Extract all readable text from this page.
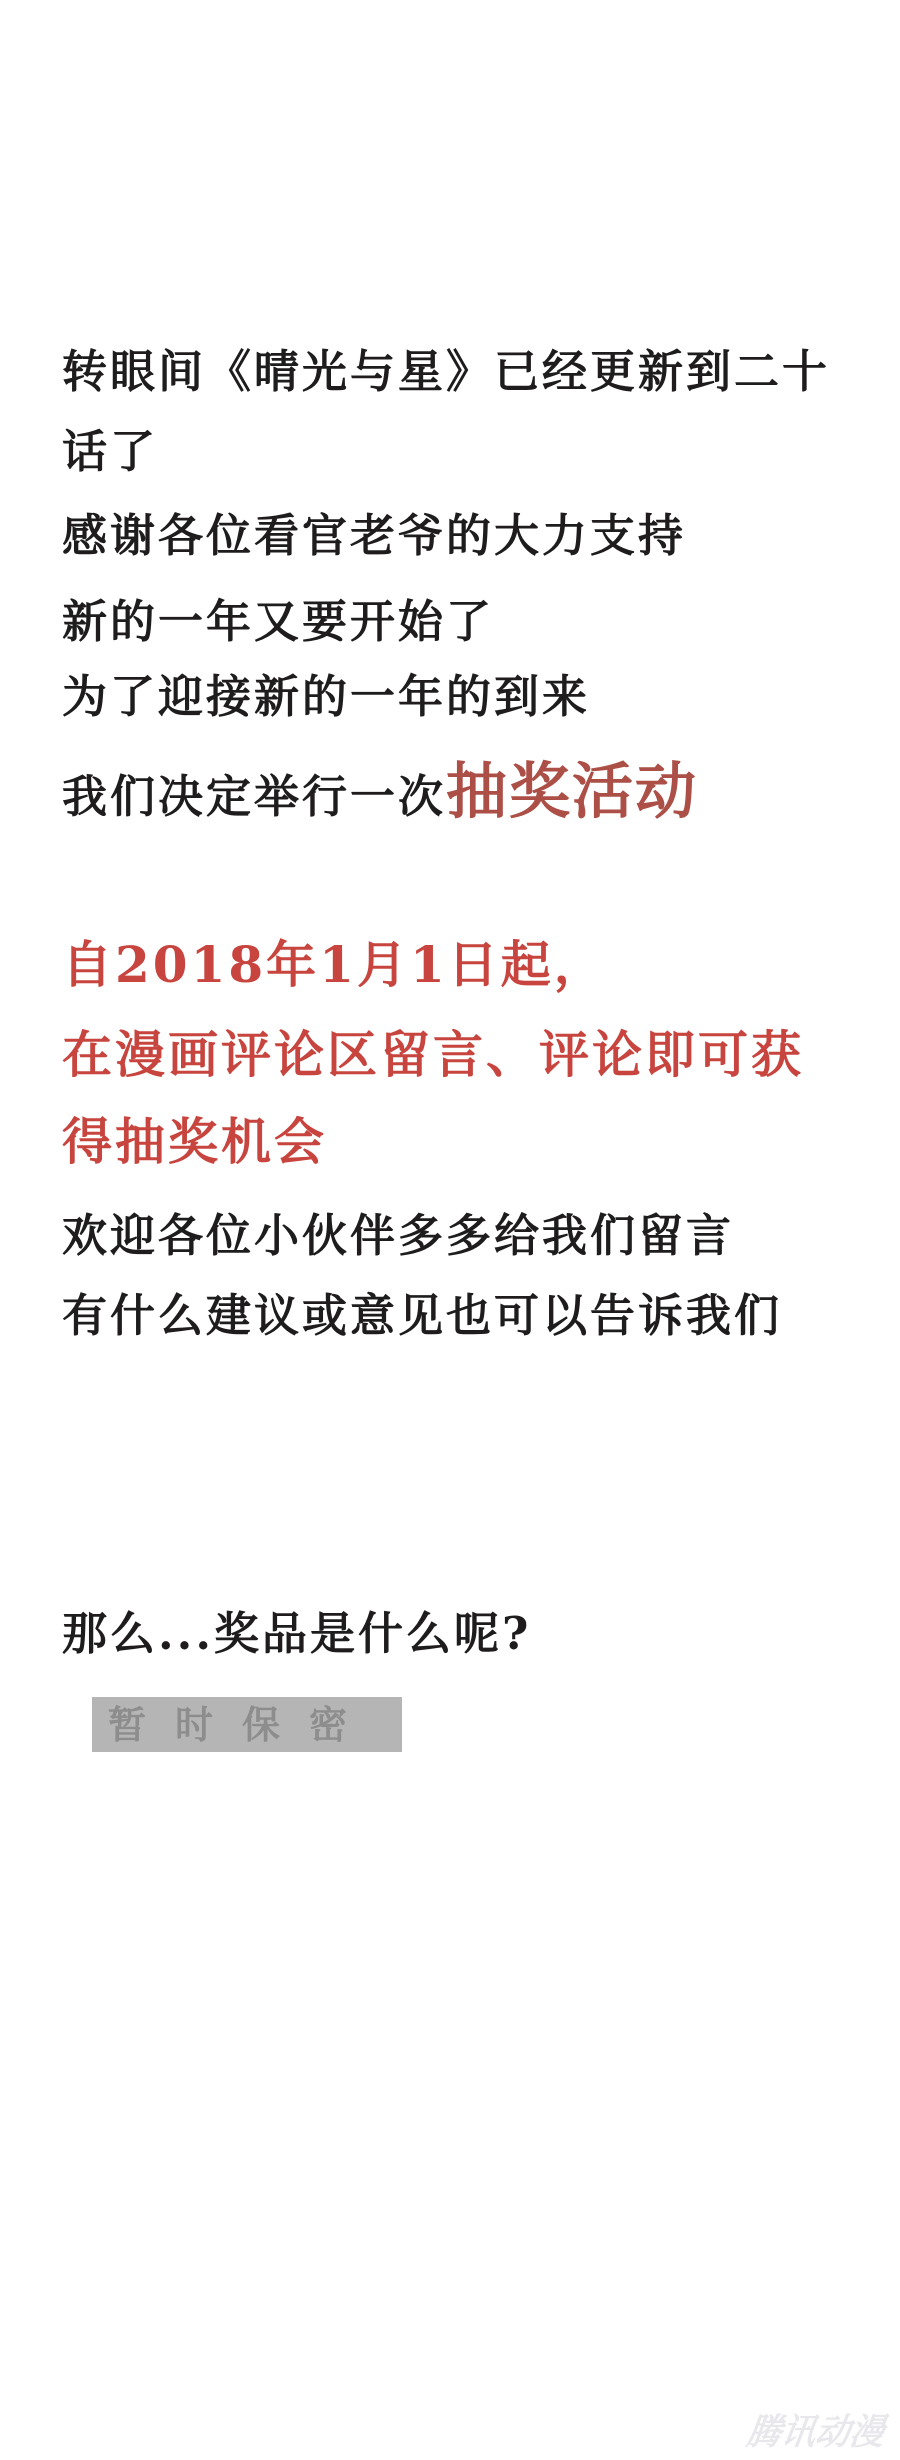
转眼间《晴光与星》已经更新到二十
话了
感谢各位看官老爷的大力支持
新的一年又要开始了
为了迎接新的一年的到来
我们决定举行一次抽奖活动
自2018年1月1日起，
在漫画评论区留言、评论即可获
得抽奖机会
欢迎各位小伙伴多多给我们留言
有什么建议或意见也可以告诉我们
那么...奖品是什么呢?
暂时保密
腾讯动漫
